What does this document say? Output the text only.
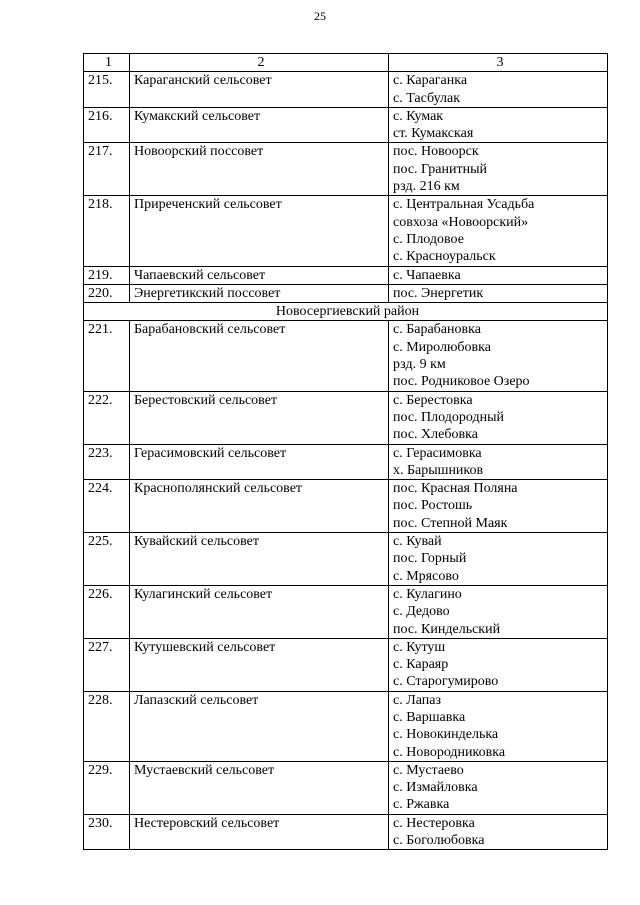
25
1	2	3
215.	Караганский сельсовет	с. Караганка
с. Тасбулак

216.	Кумакский сельсовет	с. Кумак
ст. Кумакская

217.	Новоорский поссовет	пос. Новоорск
пос. Гранитный
рзд. 216 км

218.	Приреченский сельсовет	с. Центральная Усадьба
совхоза «Новоорский»
с. Плодовое
с. Красноуральск

219.	Чапаевский сельсовет	с. Чапаевка

220.	Энергетикский поссовет	пос. Энергетик

Новосергиевский район		
221.	Барабановский сельсовет	с. Барабановка
с. Миролюбовка
рзд. 9 км
пос. Родниковое Озеро

222.	Берестовский сельсовет	с. Берестовка
пос. Плодородный
пос. Хлебовка

223.	Герасимовский сельсовет	с. Герасимовка
х. Барышников

224.	Краснополянский сельсовет	пос. Красная Поляна
пос. Ростошь
пос. Степной Маяк

225.	Кувайский сельсовет	с. Кувай
пос. Горный
с. Мрясово

226.	Кулагинский сельсовет	с. Кулагино
с. Дедово
пос. Киндельский

227.	Кутушевский сельсовет	с. Кутуш
с. Караяр
с. Старогумирово

228.	Лапазский сельсовет	с. Лапаз
с. Варшавка
с. Новокинделька
с. Новородниковка

229.	Мустаевский сельсовет	с. Мустаево
с. Измайловка
с. Ржавка

230.	Нестеровский сельсовет	с. Нестеровка
с. Боголюбовка
